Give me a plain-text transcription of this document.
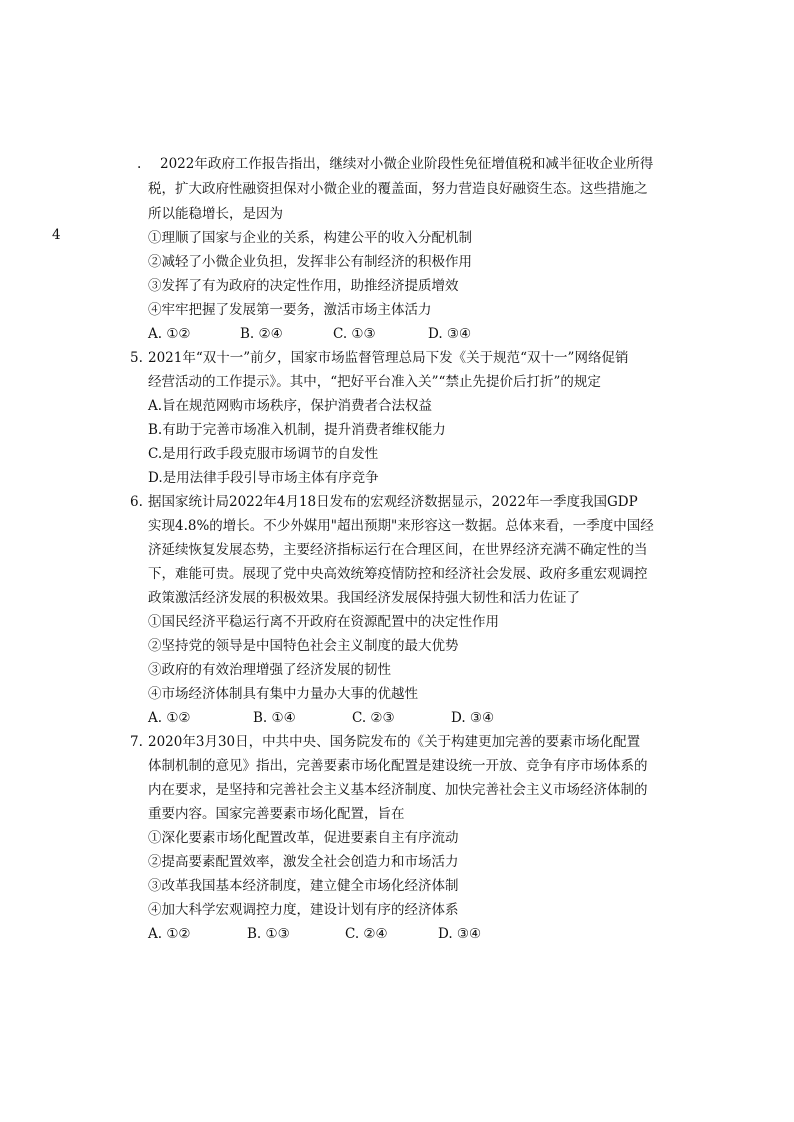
4
. 2022年政府工作报告指出，继续对小微企业阶段性免征增值税和减半征收企业所得
税，扩大政府性融资担保对小微企业的覆盖面，努力营造良好融资生态。这些措施之
所以能稳增长，是因为
①理顺了国家与企业的关系，构建公平的收入分配机制
②减轻了小微企业负担，发挥非公有制经济的积极作用
③发挥了有为政府的决定性作用，助推经济提质增效
④牢牢把握了发展第一要务，激活市场主体活力
A. ①②	B. ②④	C. ①③	D. ③④
5. 2021年“双十一”前夕，国家市场监督管理总局下发《关于规范“双十一”网络促销
经营活动的工作提示》。其中，“把好平台准入关”“禁止先提价后打折”的规定
A.旨在规范网购市场秩序，保护消费者合法权益
B.有助于完善市场准入机制，提升消费者维权能力
C.是用行政手段克服市场调节的自发性
D.是用法律手段引导市场主体有序竞争
6. 据国家统计局2022年4月18日发布的宏观经济数据显示，2022年一季度我国GDP
实现4.8%的增长。不少外媒用"超出预期"来形容这一数据。总体来看，一季度中国经
济延续恢复发展态势，主要经济指标运行在合理区间，在世界经济充满不确定性的当
下，难能可贵。展现了党中央高效统筹疫情防控和经济社会发展、政府多重宏观调控
政策激活经济发展的积极效果。我国经济发展保持强大韧性和活力佐证了
①国民经济平稳运行离不开政府在资源配置中的决定性作用
②坚持党的领导是中国特色社会主义制度的最大优势
③政府的有效治理增强了经济发展的韧性
④市场经济体制具有集中力量办大事的优越性
A. ①②	B. ①④	C. ②③	D. ③④
7. 2020年3月30日，中共中央、国务院发布的《关于构建更加完善的要素市场化配置
体制机制的意见》指出，完善要素市场化配置是建设统一开放、竞争有序市场体系的
内在要求，是坚持和完善社会主义基本经济制度、加快完善社会主义市场经济体制的
重要内容。国家完善要素市场化配置，旨在
①深化要素市场化配置改革，促进要素自主有序流动
②提高要素配置效率，激发全社会创造力和市场活力
③改革我国基本经济制度，建立健全市场化经济体制
④加大科学宏观调控力度，建设计划有序的经济体系
A. ①②	B. ①③	C. ②④	D. ③④
